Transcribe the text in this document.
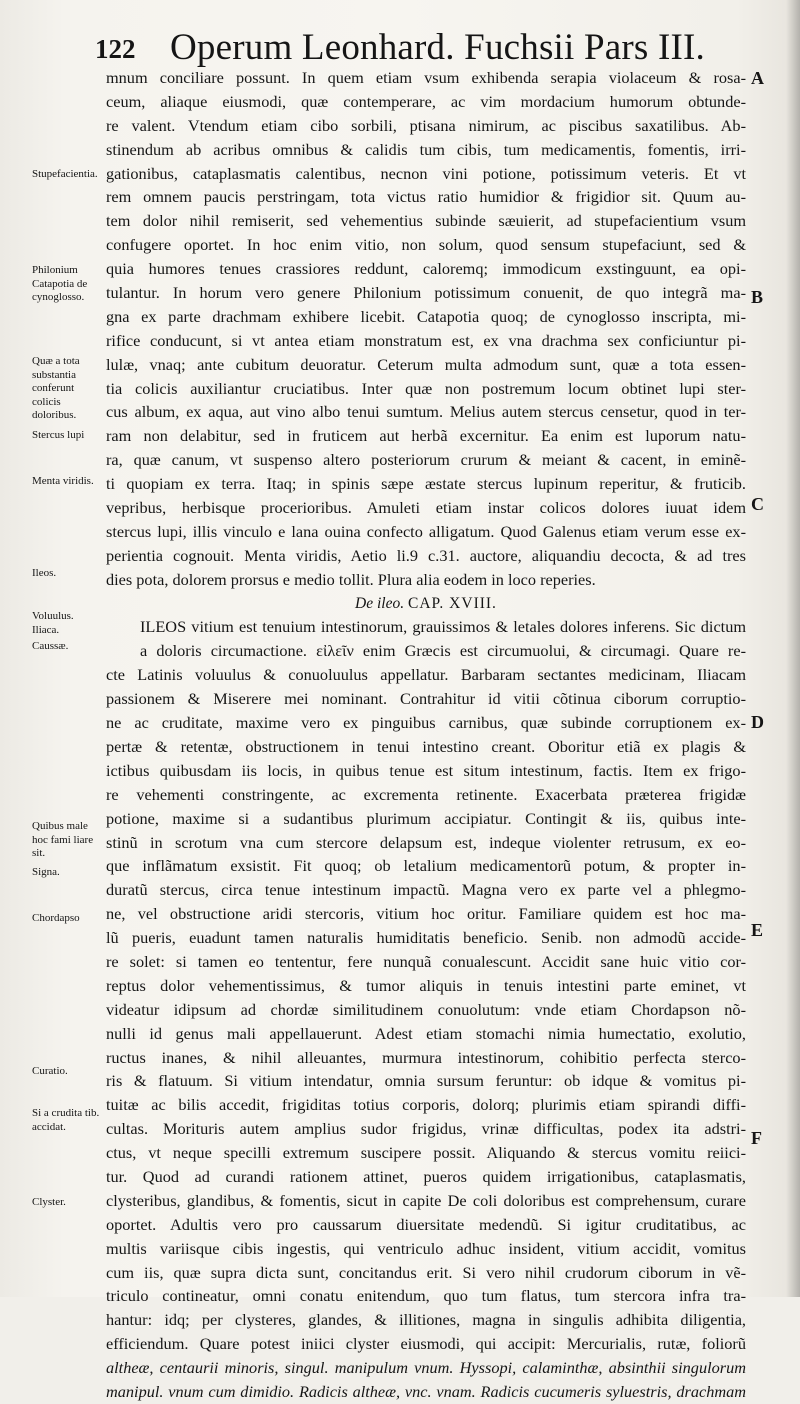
122 Operum Leonhard. Fuchsii Pars III.
Stupefacientia.
Philonium Catapotia de cynoglosso.
Quæ a tota substantia conferunt colicis doloribus.
Stercus lupi
Menta viridis.
Ileos.
Voluulus. Iliaca.
Caussæ.
Quibus male hoc fami liare sit.
Signa.
Chordapso
Curatio.
Si a crudita tib. accidat.
Clyster.
A
B
C
D
E
F
mnum conciliare possunt. In quem etiam vsum exhibenda serapia violaceum & rosa-
ceum, aliaque eiusmodi, quæ contemperare, ac vim mordacium humorum obtunde-
re valent. Vtendum etiam cibo sorbili, ptisana nimirum, ac piscibus saxatilibus. Ab-
stinendum ab acribus omnibus & calidis tum cibis, tum medicamentis, fomentis, irri-
gationibus, cataplasmatis calentibus, necnon vini potione, potissimum veteris. Et vt
rem omnem paucis perstringam, tota victus ratio humidior & frigidior sit. Quum au-
tem dolor nihil remiserit, sed vehementius subinde sæuierit, ad stupefacientium vsum
confugere oportet. In hoc enim vitio, non solum, quod sensum stupefaciunt, sed &
quia humores tenues crassiores reddunt, caloremq; immodicum exstinguunt, ea opi-
tulantur. In horum vero genere Philonium potissimum conuenit, de quo integrã ma-
gna ex parte drachmam exhibere licebit. Catapotia quoq; de cynoglosso inscripta, mi-
rifice conducunt, si vt antea etiam monstratum est, ex vna drachma sex conficiuntur pi-
lulæ, vnaq; ante cubitum deuoratur. Ceterum multa admodum sunt, quæ a tota essen-
tia colicis auxiliantur cruciatibus. Inter quæ non postremum locum obtinet lupi ster-
cus album, ex aqua, aut vino albo tenui sumtum. Melius autem stercus censetur, quod in ter-
ram non delabitur, sed in fruticem aut herbã excernitur. Ea enim est luporum natu-
ra, quæ canum, vt suspenso altero posteriorum crurum & meiant & cacent, in eminẽ-
ti quopiam ex terra. Itaq; in spinis sæpe æstate stercus lupinum reperitur, & fruticib.
vepribus, herbisque procerioribus. Amuleti etiam instar colicos dolores iuuat idem
stercus lupi, illis vinculo e lana ouina confecto alligatum. Quod Galenus etiam verum esse ex-
perientia cognouit. Menta viridis, Aetio li.9 c.31. auctore, aliquandiu decocta, & ad tres
dies pota, dolorem prorsus e medio tollit. Plura alia eodem in loco reperies.
De ileo. CAP. XVIII.
ILEOS vitium est tenuium intestinorum, grauissimos & letales dolores inferens. Sic dictum
a doloris circumactione. εἰλεῖν enim Græcis est circumuolui, & circumagi. Quare re-
cte Latinis voluulus & conuoluulus appellatur. Barbaram sectantes medicinam, Iliacam
passionem & Miserere mei nominant. Contrahitur id vitii cõtinua ciborum corruptio-
ne ac cruditate, maxime vero ex pinguibus carnibus, quæ subinde corruptionem ex-
pertæ & retentæ, obstructionem in tenui intestino creant. Oboritur etiã ex plagis &
ictibus quibusdam iis locis, in quibus tenue est situm intestinum, factis. Item ex frigo-
re vehementi constringente, ac excrementa retinente. Exacerbata præterea frigidæ
potione, maxime si a sudantibus plurimum accipiatur. Contingit & iis, quibus inte-
stinũ in scrotum vna cum stercore delapsum est, indeque violenter retrusum, ex eo-
que inflãmatum exsistit. Fit quoq; ob letalium medicamentorũ potum, & propter in-
duratũ stercus, circa tenue intestinum impactũ. Magna vero ex parte vel a phlegmo-
ne, vel obstructione aridi stercoris, vitium hoc oritur. Familiare quidem est hoc ma-
lũ pueris, euadunt tamen naturalis humiditatis beneficio. Senib. non admodũ accide-
re solet: si tamen eo tententur, fere nunquã conualescunt. Accidit sane huic vitio cor-
reptus dolor vehementissimus, & tumor aliquis in tenuis intestini parte eminet, vt
videatur idipsum ad chordæ similitudinem conuolutum: vnde etiam Chordapson nõ-
nulli id genus mali appellauerunt. Adest etiam stomachi nimia humectatio, exolutio,
ructus inanes, & nihil alleuantes, murmura intestinorum, cohibitio perfecta sterco-
ris & flatuum. Si vitium intendatur, omnia sursum feruntur: ob idque & vomitus pi-
tuitæ ac bilis accedit, frigiditas totius corporis, dolorq; plurimis etiam spirandi diffi-
cultas. Morituris autem amplius sudor frigidus, vrinæ difficultas, podex ita adstri-
ctus, vt neque specilli extremum suscipere possit. Aliquando & stercus vomitu reiici-
tur. Quod ad curandi rationem attinet, pueros quidem irrigationibus, cataplasmatis,
clysteribus, glandibus, & fomentis, sicut in capite De coli doloribus est comprehensum, curare
oportet. Adultis vero pro caussarum diuersitate medendũ. Si igitur cruditatibus, ac
multis variisque cibis ingestis, qui ventriculo adhuc insident, vitium accidit, vomitus
cum iis, quæ supra dicta sunt, concitandus erit. Si vero nihil crudorum ciborum in vẽ-
triculo contineatur, omni conatu enitendum, quo tum flatus, tum stercora infra tra-
hantur: idq; per clysteres, glandes, & illitiones, magna in singulis adhibita diligentia,
efficiendum. Quare potest iniici clyster eiusmodi, qui accipit: Mercurialis, rutæ, foliorũ
altheæ, centaurii minoris, singul. manipulum vnum. Hyssopi, calaminthæ, absinthii singulorum
manipul. vnum cum dimidio. Radicis altheæ, vnc. vnam. Radicis cucumeris syluestris, drachmam
